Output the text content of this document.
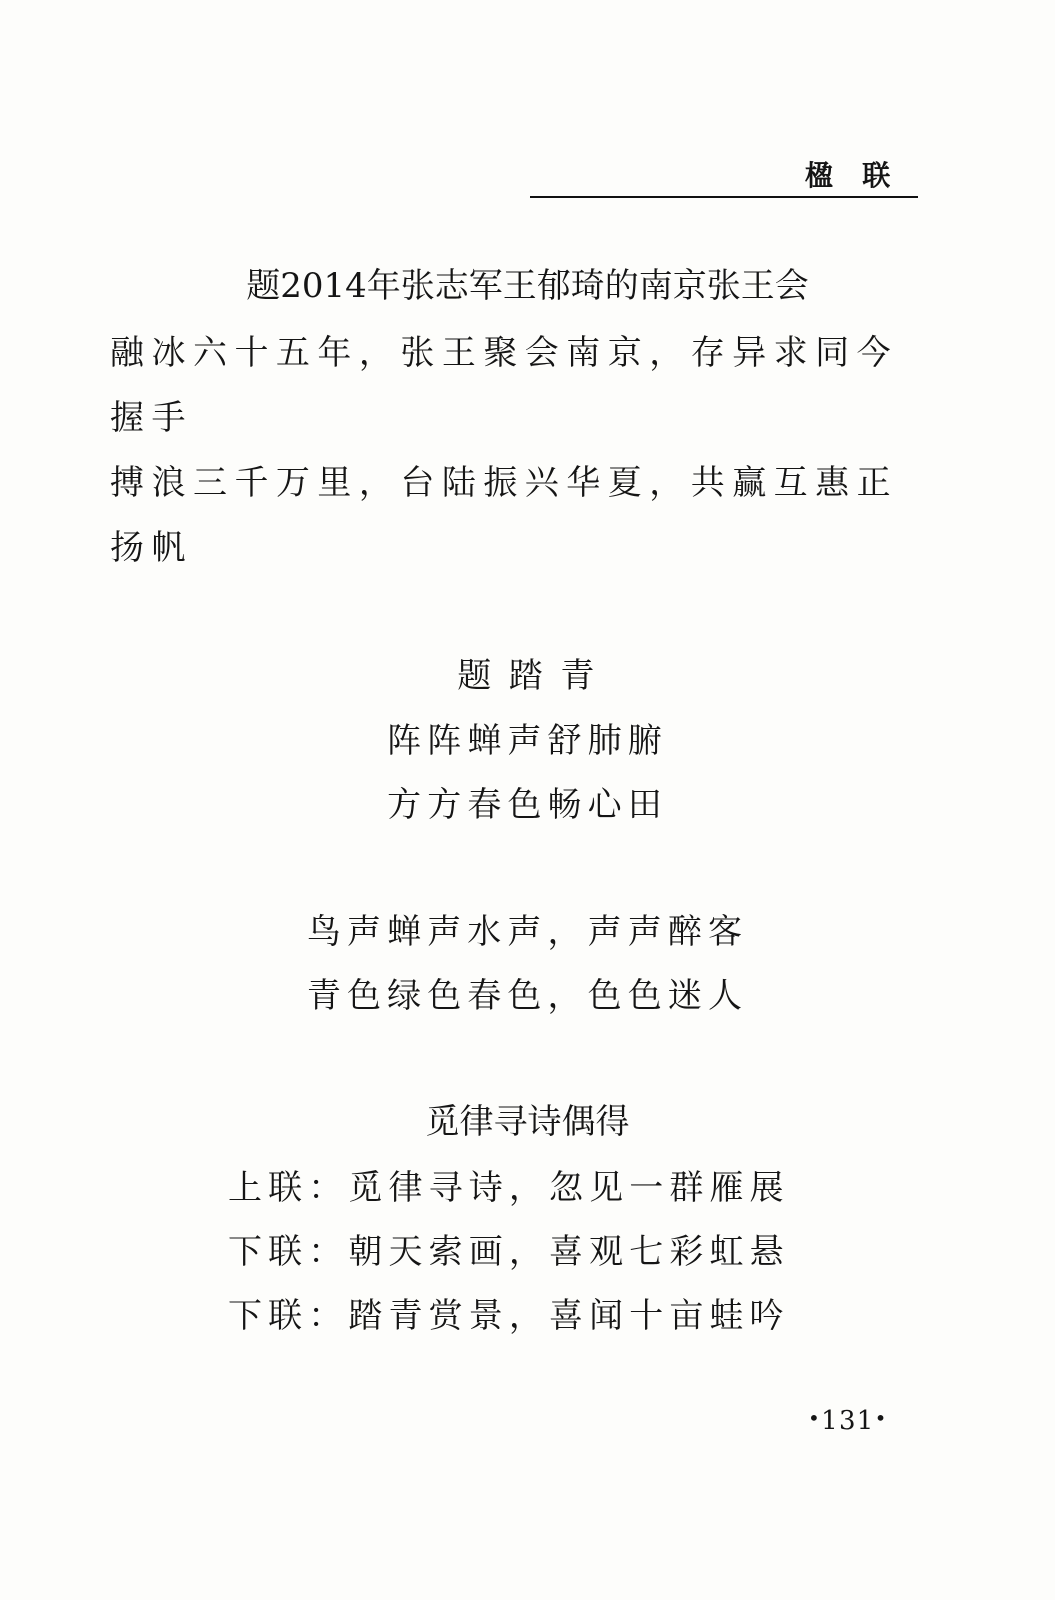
楹 联
题2014年张志军王郁琦的南京张王会
融冰六十五年，张王聚会南京，存异求同今
握手
搏浪三千万里，台陆振兴华夏，共赢互惠正
扬帆
题 踏 青
阵阵蝉声舒肺腑
方方春色畅心田
鸟声蝉声水声，声声醉客
青色绿色春色，色色迷人
觅律寻诗偶得
上联：觅律寻诗，忽见一群雁展
下联：朝天索画，喜观七彩虹悬
下联：踏青赏景，喜闻十亩蛙吟
•131•
